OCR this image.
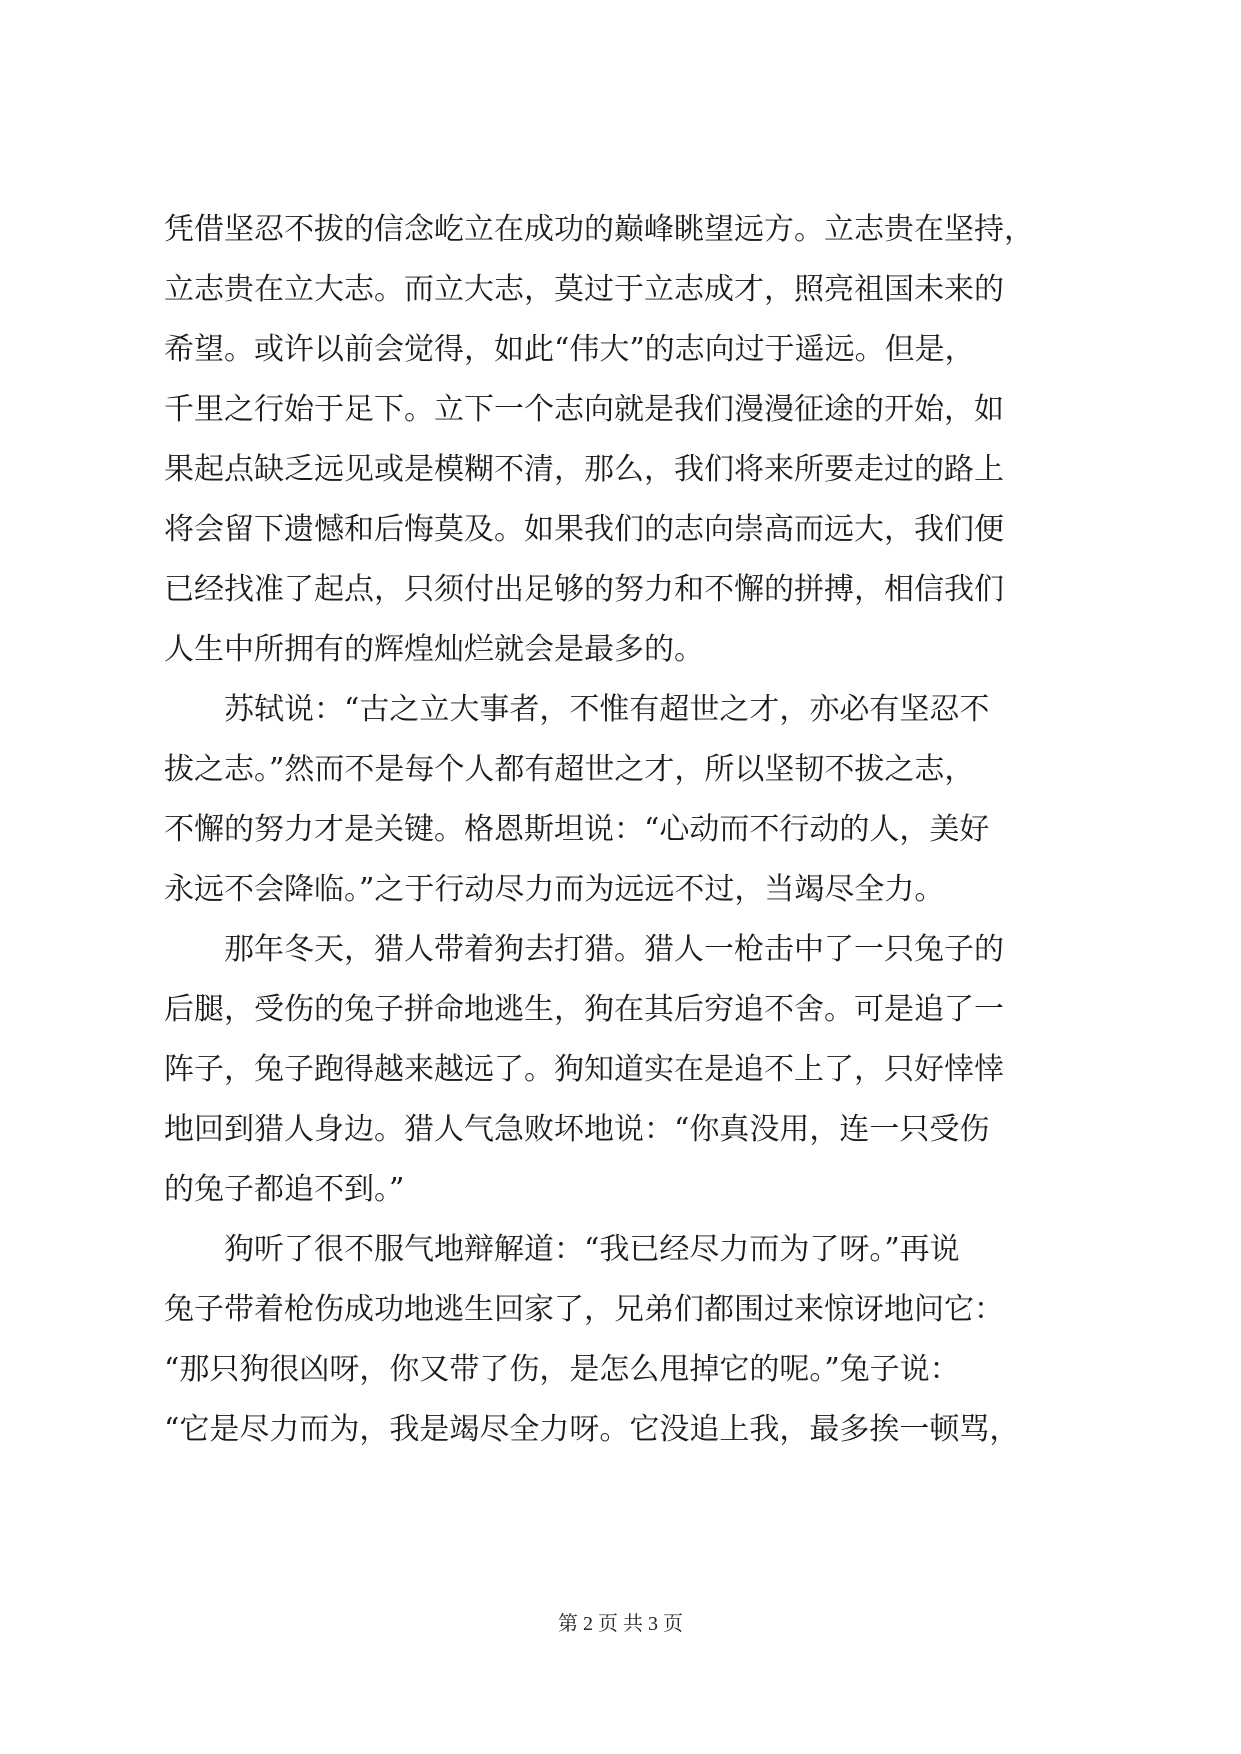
凭借坚忍不拔的信念屹立在成功的巅峰眺望远方。立志贵在坚持，
立志贵在立大志。而立大志，莫过于立志成才，照亮祖国未来的
希望。或许以前会觉得，如此“伟大”的志向过于遥远。但是，
千里之行始于足下。立下一个志向就是我们漫漫征途的开始，如
果起点缺乏远见或是模糊不清，那么，我们将来所要走过的路上
将会留下遗憾和后悔莫及。如果我们的志向崇高而远大，我们便
已经找准了起点，只须付出足够的努力和不懈的拼搏，相信我们
人生中所拥有的辉煌灿烂就会是最多的。
苏轼说：“古之立大事者，不惟有超世之才，亦必有坚忍不
拔之志。”然而不是每个人都有超世之才，所以坚韧不拔之志，
不懈的努力才是关键。格恩斯坦说：“心动而不行动的人，美好
永远不会降临。”之于行动尽力而为远远不过，当竭尽全力。
那年冬天，猎人带着狗去打猎。猎人一枪击中了一只兔子的
后腿，受伤的兔子拼命地逃生，狗在其后穷追不舍。可是追了一
阵子，兔子跑得越来越远了。狗知道实在是追不上了，只好悻悻
地回到猎人身边。猎人气急败坏地说：“你真没用，连一只受伤
的兔子都追不到。”
狗听了很不服气地辩解道：“我已经尽力而为了呀。”再说
兔子带着枪伤成功地逃生回家了，兄弟们都围过来惊讶地问它：
“那只狗很凶呀，你又带了伤，是怎么甩掉它的呢。”兔子说：
“它是尽力而为，我是竭尽全力呀。它没追上我，最多挨一顿骂，
第 2 页 共 3 页
